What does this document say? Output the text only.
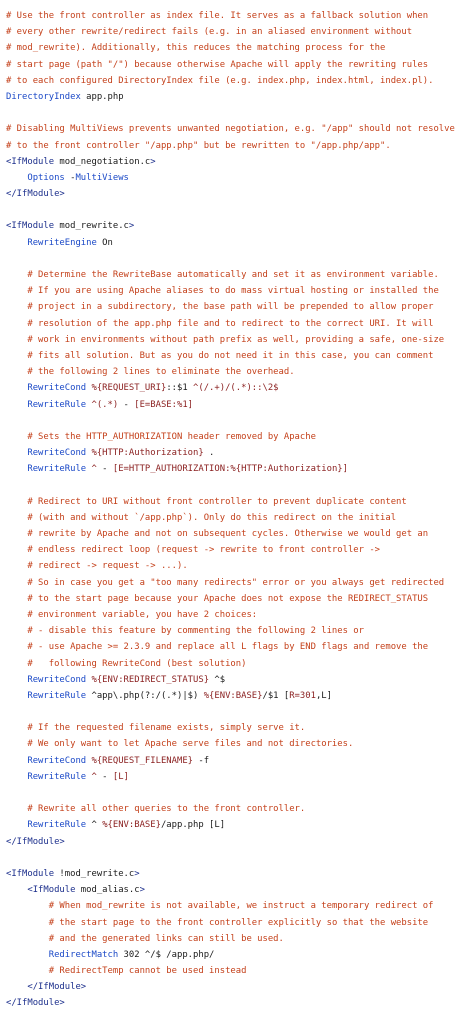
# Use the front controller as index file. It serves as a fallback solution when
# every other rewrite/redirect fails (e.g. in an aliased environment without
# mod_rewrite). Additionally, this reduces the matching process for the
# start page (path "/") because otherwise Apache will apply the rewriting rules
# to each configured DirectoryIndex file (e.g. index.php, index.html, index.pl).
DirectoryIndex app.php
# Disabling MultiViews prevents unwanted negotiation, e.g. "/app" should not resolve
# to the front controller "/app.php" but be rewritten to "/app.php/app".
<IfModule mod_negotiation.c>
Options -MultiViews
</IfModule>
<IfModule mod_rewrite.c>
RewriteEngine On
# Determine the RewriteBase automatically and set it as environment variable.
# If you are using Apache aliases to do mass virtual hosting or installed the
# project in a subdirectory, the base path will be prepended to allow proper
# resolution of the app.php file and to redirect to the correct URI. It will
# work in environments without path prefix as well, providing a safe, one-size
# fits all solution. But as you do not need it in this case, you can comment
# the following 2 lines to eliminate the overhead.
RewriteCond %{REQUEST_URI}::$1 ^(/.+)/(.*)::\2$
RewriteRule ^(.*) - [E=BASE:%1]
# Sets the HTTP_AUTHORIZATION header removed by Apache
RewriteCond %{HTTP:Authorization} .
RewriteRule ^ - [E=HTTP_AUTHORIZATION:%{HTTP:Authorization}]
# Redirect to URI without front controller to prevent duplicate content
# (with and without `/app.php`). Only do this redirect on the initial
# rewrite by Apache and not on subsequent cycles. Otherwise we would get an
# endless redirect loop (request -> rewrite to front controller ->
# redirect -> request -> ...).
# So in case you get a "too many redirects" error or you always get redirected
# to the start page because your Apache does not expose the REDIRECT_STATUS
# environment variable, you have 2 choices:
# - disable this feature by commenting the following 2 lines or
# - use Apache >= 2.3.9 and replace all L flags by END flags and remove the
#   following RewriteCond (best solution)
RewriteCond %{ENV:REDIRECT_STATUS} ^$
RewriteRule ^app\.php(?:/(.*)|$) %{ENV:BASE}/$1 [R=301,L]
# If the requested filename exists, simply serve it.
# We only want to let Apache serve files and not directories.
RewriteCond %{REQUEST_FILENAME} -f
RewriteRule ^ - [L]
# Rewrite all other queries to the front controller.
RewriteRule ^ %{ENV:BASE}/app.php [L]
</IfModule>
<IfModule !mod_rewrite.c>
<IfModule mod_alias.c>
# When mod_rewrite is not available, we instruct a temporary redirect of
# the start page to the front controller explicitly so that the website
# and the generated links can still be used.
RedirectMatch 302 ^/$ /app.php/
# RedirectTemp cannot be used instead
</IfModule>
</IfModule>
